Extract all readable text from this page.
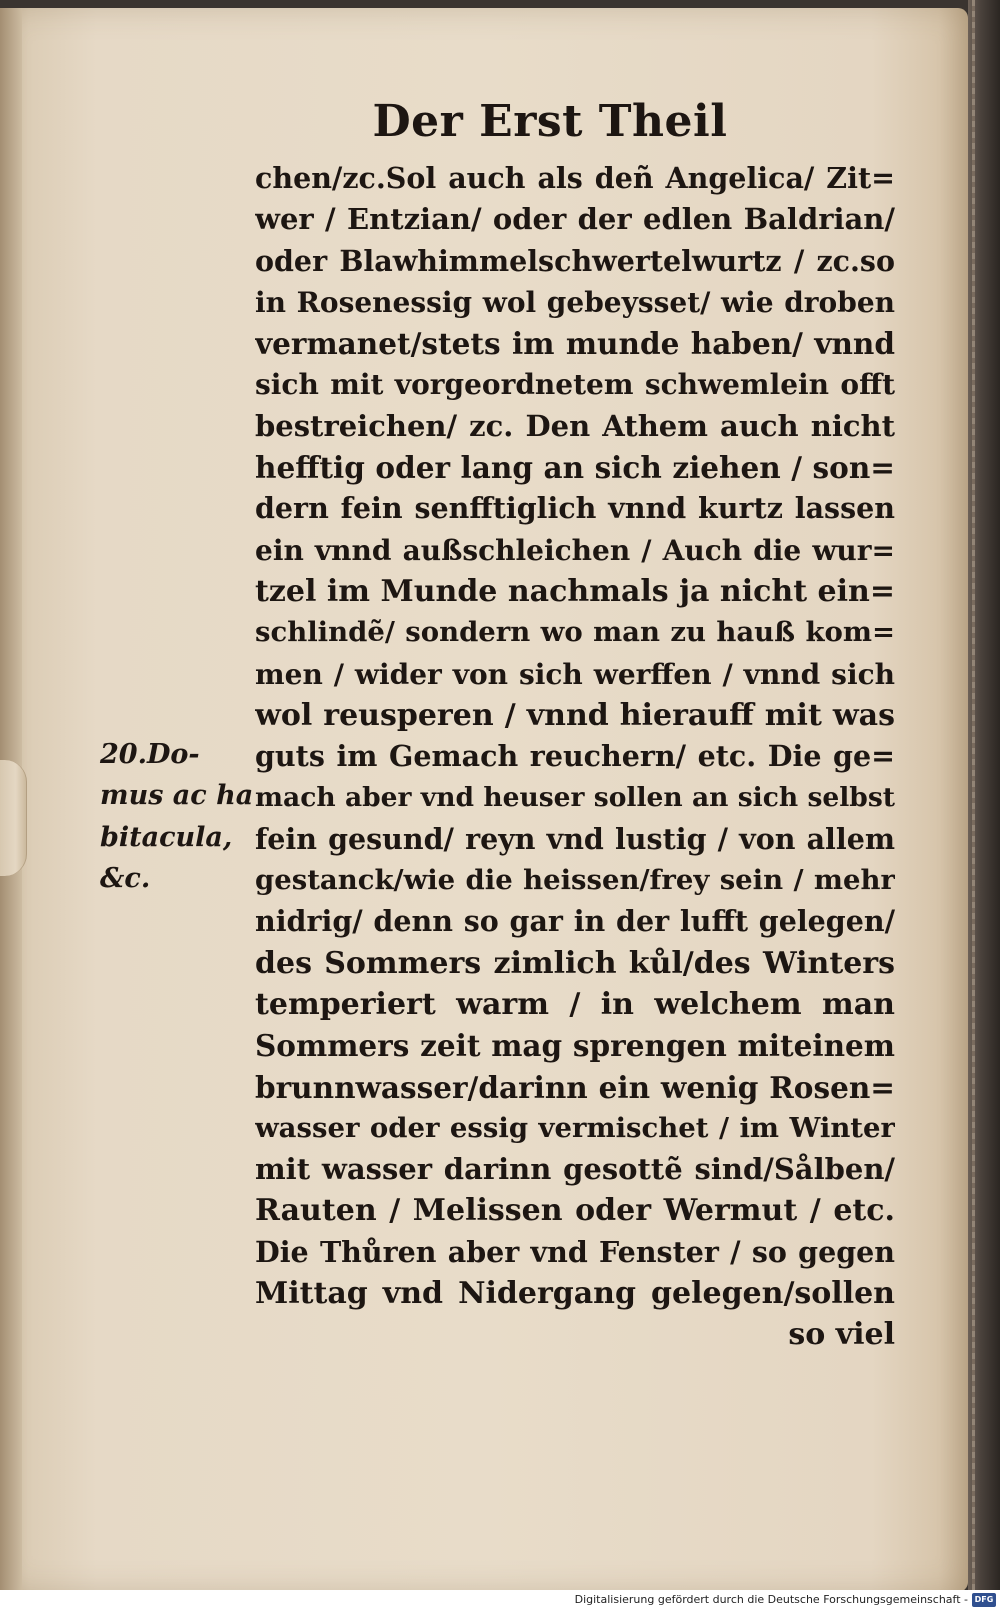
Der Erst Theil
20.Do-
mus ac ha
bitacula,
&c.
chen/zc.Sol auch als deñ Angelica/ Zit=
wer / Entzian/ oder der edlen Baldrian/
oder Blawhimmelschwertelwurtz / zc.so
in Rosenessig wol gebeysset/ wie droben
vermanet/stets im munde haben/ vnnd
sich mit vorgeordnetem schwemlein offt
bestreichen/ zc. Den Athem auch nicht
hefftig oder lang an sich ziehen / son=
dern fein senfftiglich vnnd kurtz lassen
ein vnnd außschleichen / Auch die wur=
tzel im Munde nachmals ja nicht ein=
schlindẽ/ sondern wo man zu hauß kom=
men / wider von sich werffen / vnnd sich
wol reusperen / vnnd hierauff mit was
guts im Gemach reuchern/ etc. Die ge=
mach aber vnd heuser sollen an sich selbst
fein gesund/ reyn vnd lustig / von allem
gestanck/wie die heissen/frey sein / mehr
nidrig/ denn so gar in der lufft gelegen/
des Sommers zimlich kůl/des Winters
temperiert warm / in welchem man
Sommers zeit mag sprengen miteinem
brunnwasser/darinn ein wenig Rosen=
wasser oder essig vermischet / im Winter
mit wasser darinn gesottẽ sind/Sålben/
Rauten / Melissen oder Wermut / etc.
Die Thůren aber vnd Fenster / so gegen
Mittag vnd Nidergang gelegen/sollen
so viel
Digitalisierung gefördert durch die Deutsche Forschungsgemeinschaft - DFG
